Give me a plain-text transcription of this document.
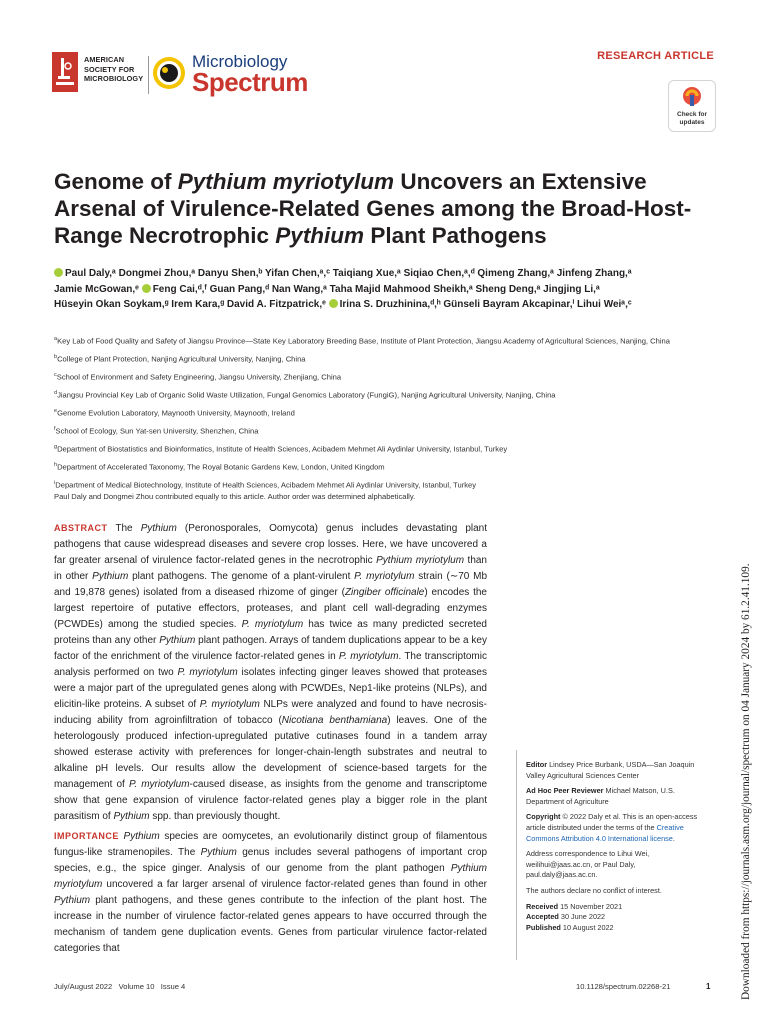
AMERICAN
SOCIETY FOR
MICROBIOLOGY
Microbiology
Spectrum
RESEARCH ARTICLE
Check for
updates
Genome of Pythium myriotylum Uncovers an Extensive Arsenal of Virulence-Related Genes among the Broad-Host-Range Necrotrophic Pythium Plant Pathogens
Paul Daly,ᵃ Dongmei Zhou,ᵃ Danyu Shen,ᵇ Yifan Chen,ᵃ,ᶜ Taiqiang Xue,ᵃ Siqiao Chen,ᵃ,ᵈ Qimeng Zhang,ᵃ Jinfeng Zhang,ᵃ
Jamie McGowan,ᵉ Feng Cai,ᵈ,ᶠ Guan Pang,ᵈ Nan Wang,ᵃ Taha Majid Mahmood Sheikh,ᵃ Sheng Deng,ᵃ Jingjing Li,ᵃ
Hüseyin Okan Soykam,ᵍ Irem Kara,ᵍ David A. Fitzpatrick,ᵉ Irina S. Druzhinina,ᵈ,ʰ Günseli Bayram Akcapinar,ⁱ Lihui Weiᵃ,ᶜ

$^a$Key Lab of Food Quality and Safety of Jiangsu Province—State Key Laboratory Breeding Base, Institute of Plant Protection, Jiangsu Academy of Agricultural Sciences, Nanjing, China

$^b$College of Plant Protection, Nanjing Agricultural University, Nanjing, China

$^c$School of Environment and Safety Engineering, Jiangsu University, Zhenjiang, China

$^d$Jiangsu Provincial Key Lab of Organic Solid Waste Utilization, Fungal Genomics Laboratory (FungiG), Nanjing Agricultural University, Nanjing, China

$^e$Genome Evolution Laboratory, Maynooth University, Maynooth, Ireland

$^f$School of Ecology, Sun Yat-sen University, Shenzhen, China

$^g$Department of Biostatistics and Bioinformatics, Institute of Health Sciences, Acibadem Mehmet Ali Aydinlar University, Istanbul, Turkey

$^h$Department of Accelerated Taxonomy, The Royal Botanic Gardens Kew, London, United Kingdom

$^i$Department of Medical Biotechnology, Institute of Health Sciences, Acibadem Mehmet Ali Aydinlar University, Istanbul, Turkey

Paul Daly and Dongmei Zhou contributed equally to this article. Author order was determined alphabetically.

ABSTRACT The Pythium (Peronosporales, Oomycota) genus includes devastating plant pathogens that cause widespread diseases and severe crop losses. Here, we have uncovered a far greater arsenal of virulence factor-related genes in the necrotrophic Pythium myriotylum than in other Pythium plant pathogens. The genome of a plant-virulent P. myriotylum strain (∼70 Mb and 19,878 genes) isolated from a diseased rhizome of ginger (Zingiber officinale) encodes the largest repertoire of putative effectors, proteases, and plant cell wall-degrading enzymes (PCWDEs) among the studied species. P. myriotylum has twice as many predicted secreted proteins than any other Pythium plant pathogen. Arrays of tandem duplications appear to be a key factor of the enrichment of the virulence factor-related genes in P. myriotylum. The transcriptomic analysis performed on two P. myriotylum isolates infecting ginger leaves showed that proteases were a major part of the upregulated genes along with PCWDEs, Nep1-like proteins (NLPs), and elicitin-like proteins. A subset of P. myriotylum NLPs were analyzed and found to have necrosis-inducing ability from agroinfiltration of tobacco (Nicotiana benthamiana) leaves. One of the heterologously produced infection-upregulated putative cutinases found in a tandem array showed esterase activity with preferences for longer-chain-length substrates and neutral to alkaline pH levels. Our results allow the development of science-based targets for the management of P. myriotylum-caused disease, as insights from the genome and transcriptome show that gene expansion of virulence factor-related genes play a bigger role in the plant parasitism of Pythium spp. than previously thought.

IMPORTANCE Pythium species are oomycetes, an evolutionarily distinct group of filamentous fungus-like stramenopiles. The Pythium genus includes several pathogens of important crop species, e.g., the spice ginger. Analysis of our genome from the plant pathogen Pythium myriotylum uncovered a far larger arsenal of virulence factor-related genes than found in other Pythium plant pathogens, and these genes contribute to the infection of the plant host. The increase in the number of virulence factor-related genes appears to have occurred through the mechanism of tandem gene duplication events. Genes from particular virulence factor-related categories that

Editor Lindsey Price Burbank, USDA—San Joaquin Valley Agricultural Sciences Center

Ad Hoc Peer Reviewer Michael Matson, U.S. Department of Agriculture

Copyright © 2022 Daly et al. This is an open-access article distributed under the terms of the Creative Commons Attribution 4.0 International license.

Address correspondence to Lihui Wei, weilihui@jaas.ac.cn, or Paul Daly, paul.daly@jaas.ac.cn.

The authors declare no conflict of interest.

Received 15 November 2021

Accepted 30 June 2022

Published 10 August 2022

July/August 2022   Volume 10   Issue 4	10.1128/spectrum.02268-21	1	Downloaded from https://journals.asm.org/journal/spectrum on 04 January 2024 by 61.2.41.109.
